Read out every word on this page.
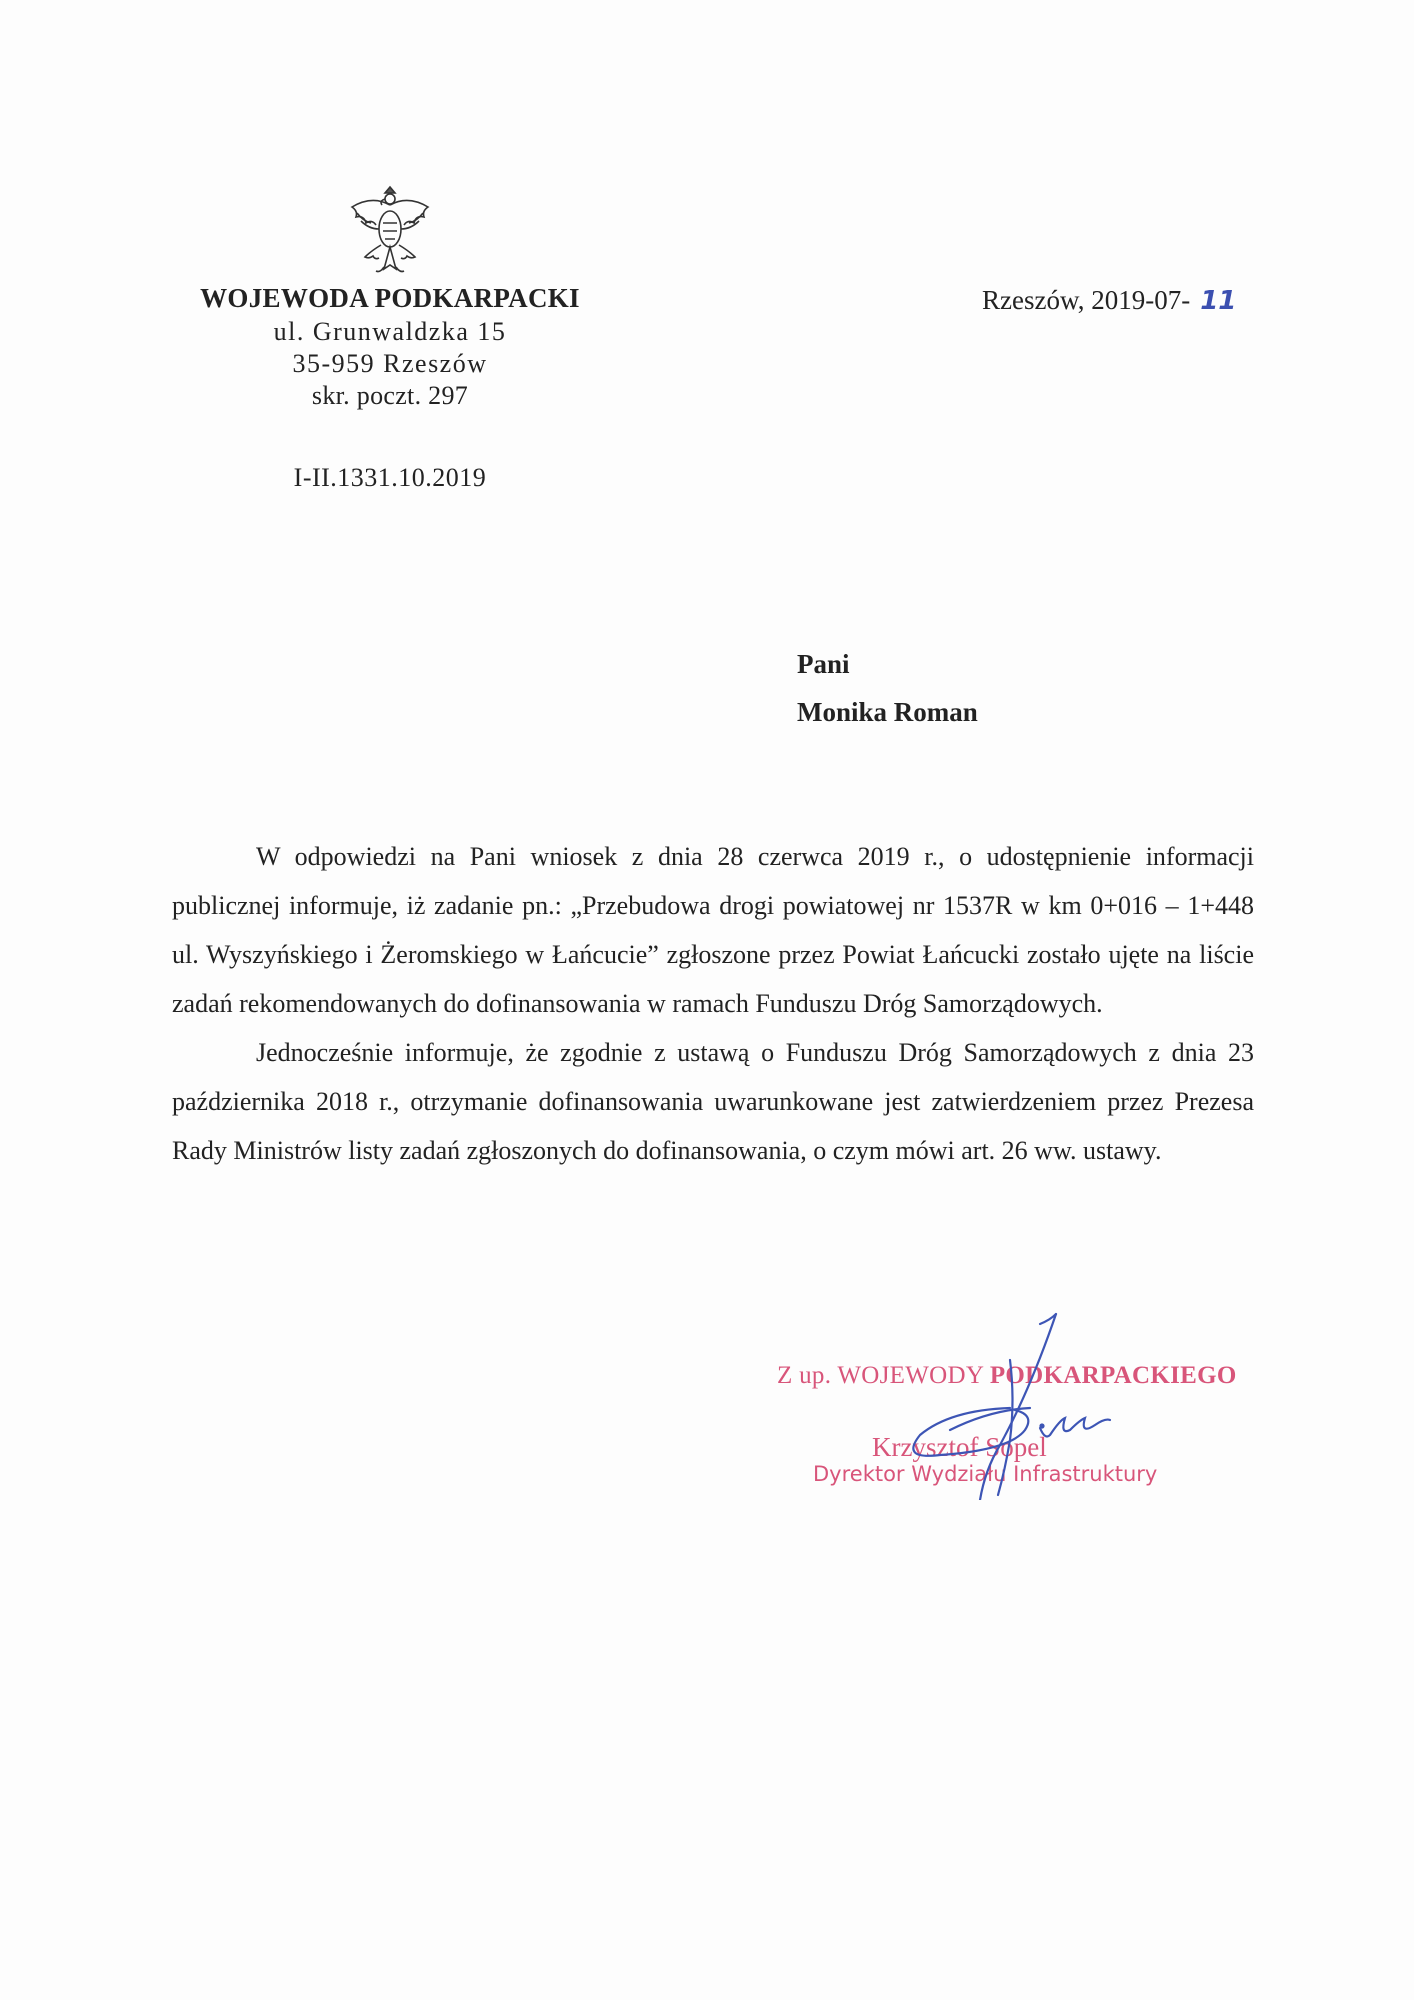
WOJEWODA PODKARPACKI
ul. Grunwaldzka 15
35-959 Rzeszów
skr. poczt. 297
I-II.1331.10.2019
Rzeszów, 2019-07- 11
Pani
Monika Roman

W odpowiedzi na Pani wniosek z dnia 28 czerwca 2019 r., o udostępnienie informacji publicznej informuje, iż zadanie pn.: „Przebudowa drogi powiatowej nr 1537R w km 0+016 – 1+448 ul. Wyszyńskiego i Żeromskiego w Łańcucie” zgłoszone przez Powiat Łańcucki zostało ujęte na liście zadań rekomendowanych do dofinansowania w ramach Funduszu Dróg Samorządowych.

Jednocześnie informuje, że zgodnie z ustawą o Funduszu Dróg Samorządowych z dnia 23 października 2018 r., otrzymanie dofinansowania uwarunkowane jest zatwierdzeniem przez Prezesa Rady Ministrów listy zadań zgłoszonych do dofinansowania, o czym mówi art. 26 ww. ustawy.

Z up. WOJEWODY PODKARPACKIEGO
Krzysztof Sopel
Dyrektor Wydziału Infrastruktury
